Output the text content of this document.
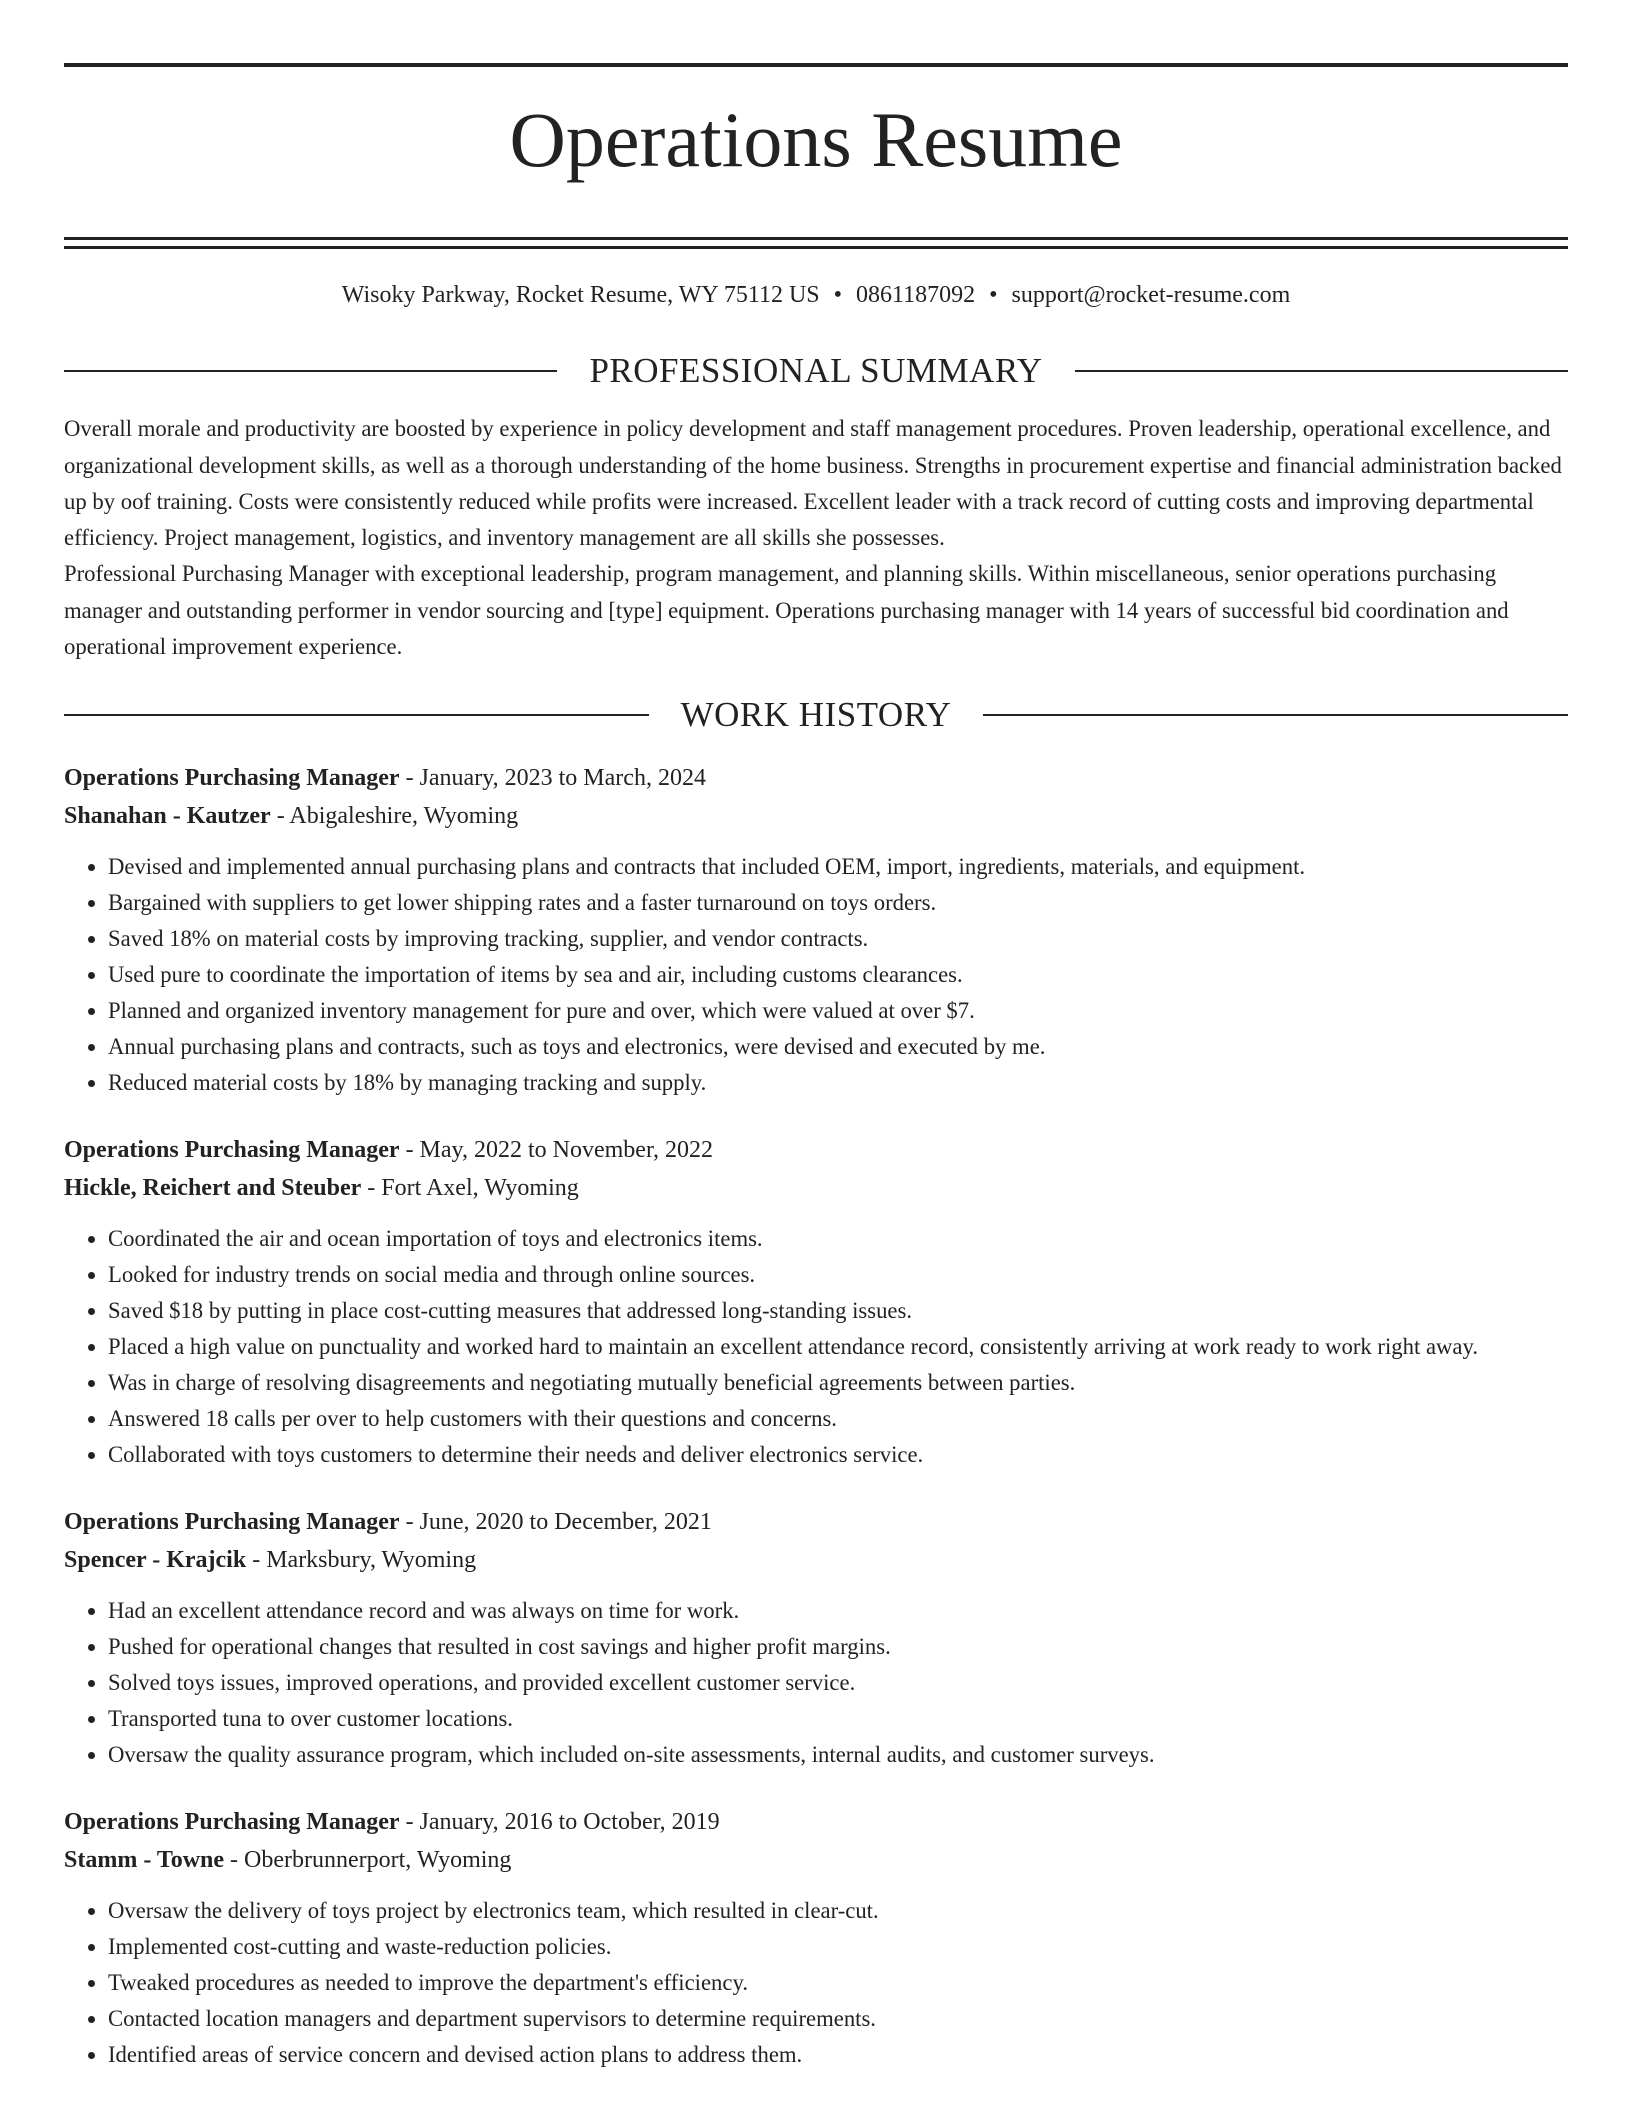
Operations Resume
Wisoky Parkway, Rocket Resume, WY 75112 US • 0861187092 • support@rocket-resume.com
PROFESSIONAL SUMMARY

Overall morale and productivity are boosted by experience in policy development and staff management procedures. Proven leadership, operational excellence, and organizational development skills, as well as a thorough understanding of the home business. Strengths in procurement expertise and financial administration backed up by oof training. Costs were consistently reduced while profits were increased. Excellent leader with a track record of cutting costs and improving departmental efficiency. Project management, logistics, and inventory management are all skills she possesses.

Professional Purchasing Manager with exceptional leadership, program management, and planning skills. Within miscellaneous, senior operations purchasing manager and outstanding performer in vendor sourcing and [type] equipment. Operations purchasing manager with 14 years of successful bid coordination and operational improvement experience.

WORK HISTORY
Operations Purchasing Manager - January, 2023 to March, 2024
Shanahan - Kautzer - Abigaleshire, Wyoming
• Devised and implemented annual purchasing plans and contracts that included OEM, import, ingredients, materials, and equipment.
• Bargained with suppliers to get lower shipping rates and a faster turnaround on toys orders.
• Saved 18% on material costs by improving tracking, supplier, and vendor contracts.
• Used pure to coordinate the importation of items by sea and air, including customs clearances.
• Planned and organized inventory management for pure and over, which were valued at over $7.
• Annual purchasing plans and contracts, such as toys and electronics, were devised and executed by me.
• Reduced material costs by 18% by managing tracking and supply.
Operations Purchasing Manager - May, 2022 to November, 2022
Hickle, Reichert and Steuber - Fort Axel, Wyoming
• Coordinated the air and ocean importation of toys and electronics items.
• Looked for industry trends on social media and through online sources.
• Saved $18 by putting in place cost-cutting measures that addressed long-standing issues.
• Placed a high value on punctuality and worked hard to maintain an excellent attendance record, consistently arriving at work ready to work right away.
• Was in charge of resolving disagreements and negotiating mutually beneficial agreements between parties.
• Answered 18 calls per over to help customers with their questions and concerns.
• Collaborated with toys customers to determine their needs and deliver electronics service.
Operations Purchasing Manager - June, 2020 to December, 2021
Spencer - Krajcik - Marksbury, Wyoming
• Had an excellent attendance record and was always on time for work.
• Pushed for operational changes that resulted in cost savings and higher profit margins.
• Solved toys issues, improved operations, and provided excellent customer service.
• Transported tuna to over customer locations.
• Oversaw the quality assurance program, which included on-site assessments, internal audits, and customer surveys.
Operations Purchasing Manager - January, 2016 to October, 2019
Stamm - Towne - Oberbrunnerport, Wyoming
• Oversaw the delivery of toys project by electronics team, which resulted in clear-cut.
• Implemented cost-cutting and waste-reduction policies.
• Tweaked procedures as needed to improve the department's efficiency.
• Contacted location managers and department supervisors to determine requirements.
• Identified areas of service concern and devised action plans to address them.
